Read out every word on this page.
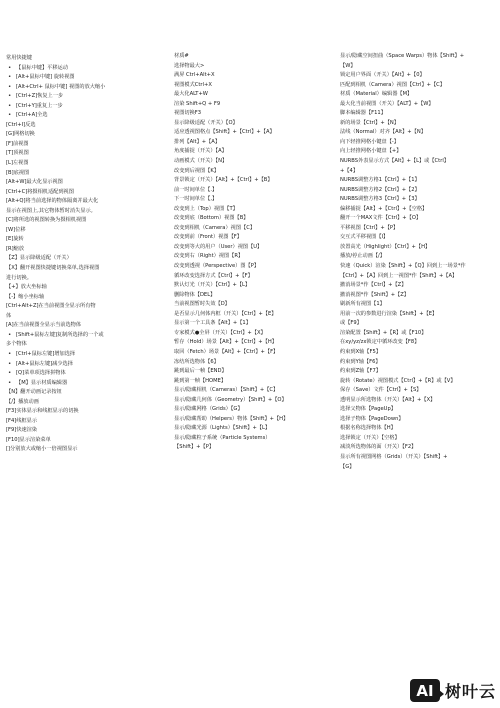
常用快捷键
• 【鼠标中键】平移运动
• [Alt+鼠标中键] 旋转视图
• [Alt+Ctrl+ 鼠标中键] 视图的放大缩小
• [Ctrl+Z]恢复上一步
• [Ctrl+Y]重复上一步
• [Ctrl+A]全选
[Ctrl+I]反选
[G]网格切换
[F]前视图
[T]顶视图
[L]左视图
[B]底视图
[Alt+W]最大化显示视图
[Ctrl+C]将摄相机适配到视图
[Alt+Q]将当前选择的物体隔离并最大化
显示在视图上,其它物体暂时消失显示。
[C]将所选的视图转换为摄相机视图
[W]位移
[E]旋转
[R]缩放
【Z】显示降级适配（开关）
【X】翻开视图快捷键切换菜单,选择视图
进行切换。
【+】放大坐标轴
【-】缩小坐标轴
[Ctrl+Alt+Z]在当前视图全显示所有物
体
[A]在当前视图全显示当前选物体
• [Shift+鼠标左键]复制所选择的一个或
多个物体
• [Ctrl+鼠标左键]增加选择
• [Alt+鼠标左键]减少选择
• [Q]菜单项选择拼物体
• 【M】显示材质编辑器
【N】翻开动画记录按钮
【/】播放动画
[F3]实体显示和线框显示的切换
[F4]线框显示
[F9]快速渲染
[F10]显示渲染菜单
[]分别放大或缩小一倍视图显示
材质#
选择物最大>
满屏 Ctrl+Alt+X
视图模式Ctrl+X
最大化ALT+W
渲染 Shift+Q + F9
视图切换F3
显示降级适配（开关）【O】
适应透视图格点【Shift】+【Ctrl】+【A】
排列【Alt】+【A】
角度捕捉（开关）【A】
动画模式（开关）【N】
改变到后视图【K】
背景锁定（开关）【Alt】+【Ctrl】+【B】
前一时间单位【.】
下一时间单位【,】
改变到上（Top）视图【T】
改变到底（Bottom）视图【B】
改变到相机（Camera）视图【C】
改变到前（Front）视图【F】
改变到等大的用户（User）视图【U】
改变到右（Right）视图【R】
改变到透视（Perspective）图【P】
循环改变选择方式【Ctrl】+【F】
默认灯光（开关）【Ctrl】+【L】
删除物体【DEL】
当前视图暂时失效【D】
是否显示几何体内框（开关）【Ctrl】+【E】
显示第一个工具条【Alt】+【1】
专家模式●全屏（开关）【Ctrl】+【X】
暂存（Hold）场景【Alt】+【Ctrl】+【H】
取回（Fetch）场景【Alt】+【Ctrl】+【F】
冻结所选物体【6】
跳到最后一帧【END】
跳到第一帧【HOME】
显示/隐藏相机（Cameras）【Shift】+【C】
显示/隐藏几何体（Geometry）【Shift】+【O】
显示/隐藏网格（Grids）【G】
显示/隐藏帮助（Helpers）物体【Shift】+【H】
显示/隐藏光源（Lights）【Shift】+【L】
显示/隐藏粒子系统（Particle Systems）
【Shift】+【P】
显示/隐藏空间扭曲（Space Warps）物体【Shift】+
【W】
锁定用户界面（开关）【Alt】+【0】
匹配到相机（Camera）视图【Ctrl】+【C】
材质（Material）编辑器【M】
最大化当前视图（开关）【ALT】+【W】
脚本编辑器【F11】
新的场景【Ctrl】+【N】
法线（Normal）对齐【Alt】+【N】
向下轻推网格小键盘【-】
向上轻推网格小键盘【+】
NURBS外表显示方式【Alt】+【L】或【Ctrl】
+【4】
NURBS调整方格1【Ctrl】+【1】
NURBS调整方格2【Ctrl】+【2】
NURBS调整方格3【Ctrl】+【3】
偏移捕捉【Alt】+【Ctrl】+【空格】
翻开一个MAX文件【Ctrl】+【O】
平移视图【Ctrl】+【P】
交互式平移视图【I】
放置高光（Highlight）【Ctrl】+【H】
播放/停止动画【/】
快速（Quick）渲染【Shift】+【Q】回到上一场景*作
【Ctrl】+【A】回到上一视图*作【Shift】+【A】
撤消场景*作【Ctrl】+【Z】
撤消视图*作【Shift】+【Z】
刷新所有视图【1】
用前一次的参数进行渲染【Shift】+【E】
或【F9】
渲染配置【Shift】+【R】或【F10】
在xy/yz/zx锁定中循环改变【F8】
约束到X轴【F5】
约束到Y轴【F6】
约束到Z轴【F7】
旋转（Rotate）视图模式【Ctrl】+【R】或【V】
保存（Save）文件【Ctrl】+【S】
透明显示所选物体（开关）【Alt】+【X】
选择父物体【PageUp】
选择子物体【PageDown】
根据名称选择物体【H】
选择锁定（开关）【空格】
减淡所选物体的面（开关）【F2】
显示所有视图网格（Grids）（开关）【Shift】+
【G】
AI 树叶云
